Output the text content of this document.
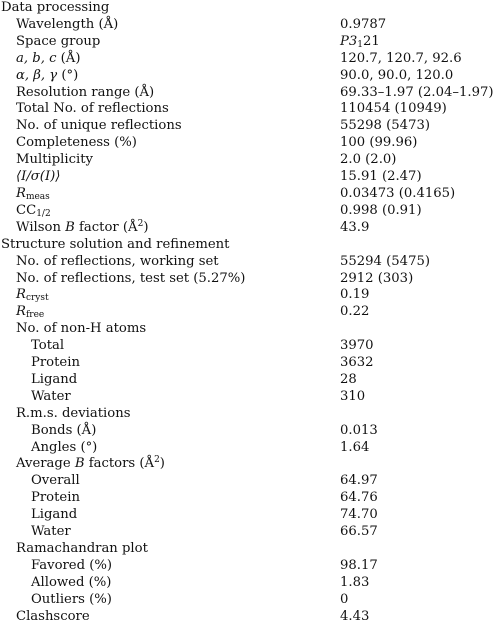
Data processing
Wavelength (Å)	0.9787
Space group	$P3_121$
a, b, c (Å)	120.7, 120.7, 92.6
α, β, γ (°)	90.0, 90.0, 120.0
Resolution range (Å)	69.33–1.97 (2.04–1.97)
Total No. of reflections	110454 (10949)
No. of unique reflections	55298 (5473)
Completeness (%)	100 (99.96)
Multiplicity	2.0 (2.0)
⟨I/σ(I)⟩	15.91 (2.47)
$R_{meas}$	0.03473 (0.4165)
$CC_{1/2}$	0.998 (0.91)
Wilson B factor $(Å^2)$	43.9
Structure solution and refinement
No. of reflections, working set	55294 (5475)
No. of reflections, test set (5.27%)	2912 (303)
$R_{cryst}$	0.19
$R_{free}$	0.22
No. of non-H atoms
Total	3970
Protein	3632
Ligand	28
Water	310
R.m.s. deviations
Bonds (Å)	0.013
Angles (°)	1.64
Average B factors $(Å^2)$
Overall	64.97
Protein	64.76
Ligand	74.70
Water	66.57
Ramachandran plot
Favored (%)	98.17
Allowed (%)	1.83
Outliers (%)	0
Clashscore	4.43
